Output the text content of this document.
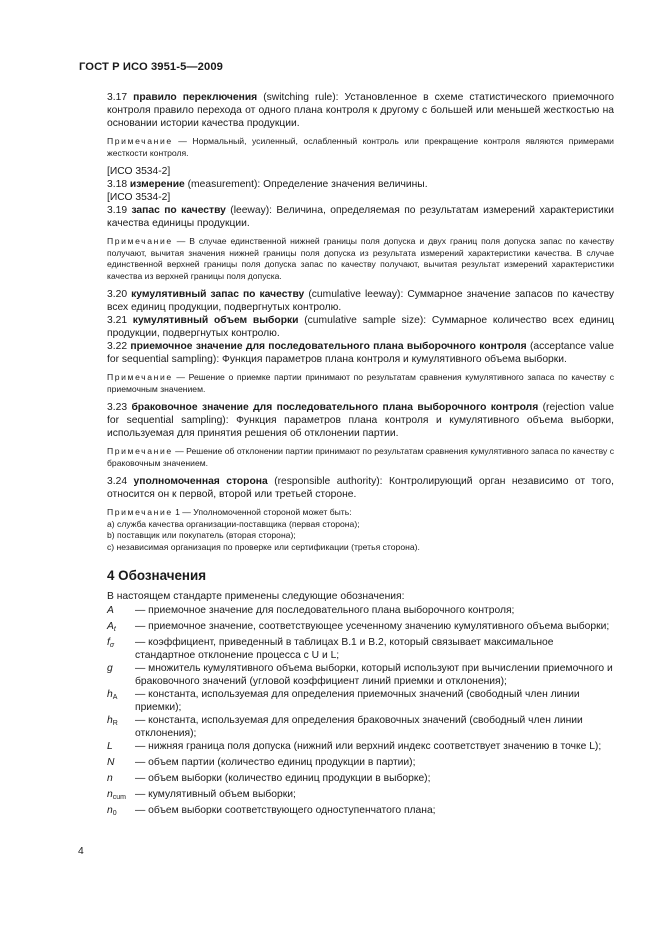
ГОСТ Р ИСО 3951-5—2009

3.17 правило переключения (switching rule): Установленное в схеме статистического приемочного контроля правило перехода от одного плана контроля к другому с большей или меньшей жесткостью на основании истории качества продукции.

Примечание — Нормальный, усиленный, ослабленный контроль или прекращение контроля являются примерами жесткости контроля.

[ИСО 3534-2]

3.18 измерение (measurement): Определение значения величины.

[ИСО 3534-2]

3.19 запас по качеству (leeway): Величина, определяемая по результатам измерений характеристики качества единицы продукции.

Примечание — В случае единственной нижней границы поля допуска и двух границ поля допуска запас по качеству получают, вычитая значения нижней границы поля допуска из результата измерений характеристики качества. В случае единственной верхней границы поля допуска запас по качеству получают, вычитая результат измерений характеристики качества из верхней границы поля допуска.

3.20 кумулятивный запас по качеству (cumulative leeway): Суммарное значение запасов по качеству всех единиц продукции, подвергнутых контролю.

3.21 кумулятивный объем выборки (cumulative sample size): Суммарное количество всех единиц продукции, подвергнутых контролю.

3.22 приемочное значение для последовательного плана выборочного контроля (acceptance value for sequential sampling): Функция параметров плана контроля и кумулятивного объема выборки.

Примечание — Решение о приемке партии принимают по результатам сравнения кумулятивного запаса по качеству с приемочным значением.

3.23 браковочное значение для последовательного плана выборочного контроля (rejection value for sequential sampling): Функция параметров плана контроля и кумулятивного объема выборки, используемая для принятия решения об отклонении партии.

Примечание — Решение об отклонении партии принимают по результатам сравнения кумулятивного запаса по качеству с браковочным значением.

3.24 уполномоченная сторона (responsible authority): Контролирующий орган независимо от того, относится он к первой, второй или третьей стороне.

Примечание 1 — Уполномоченной стороной может быть:

а) служба качества организации-поставщика (первая сторона);

b) поставщик или покупатель (вторая сторона);

с) независимая организация по проверке или сертификации (третья сторона).

4 Обозначения

В настоящем стандарте применены следующие обозначения:

A	— приемочное значение для последовательного плана выборочного контроля;
$A_t$	— приемочное значение, соответствующее усеченному значению кумулятивного объема выборки;
$f_\sigma$	— коэффициент, приведенный в таблицах В.1 и В.2, который связывает максимальное стандартное отклонение процесса с U и L;
g	— множитель кумулятивного объема выборки, который используют при вычислении приемочного и браковочного значений (угловой коэффициент линий приемки и отклонения);
hA	— константа, используемая для определения приемочных значений (свободный член линии приемки);
hR	— константа, используемая для определения браковочных значений (свободный член линии отклонения);
L	— нижняя граница поля допуска (нижний или верхний индекс соответствует значению в точке L);
N	— объем партии (количество единиц продукции в партии);
n	— объем выборки (количество единиц продукции в выборке);
ncum — кумулятивный объем выборки;
n0	— объем выборки соответствующего одноступенчатого плана;
4
